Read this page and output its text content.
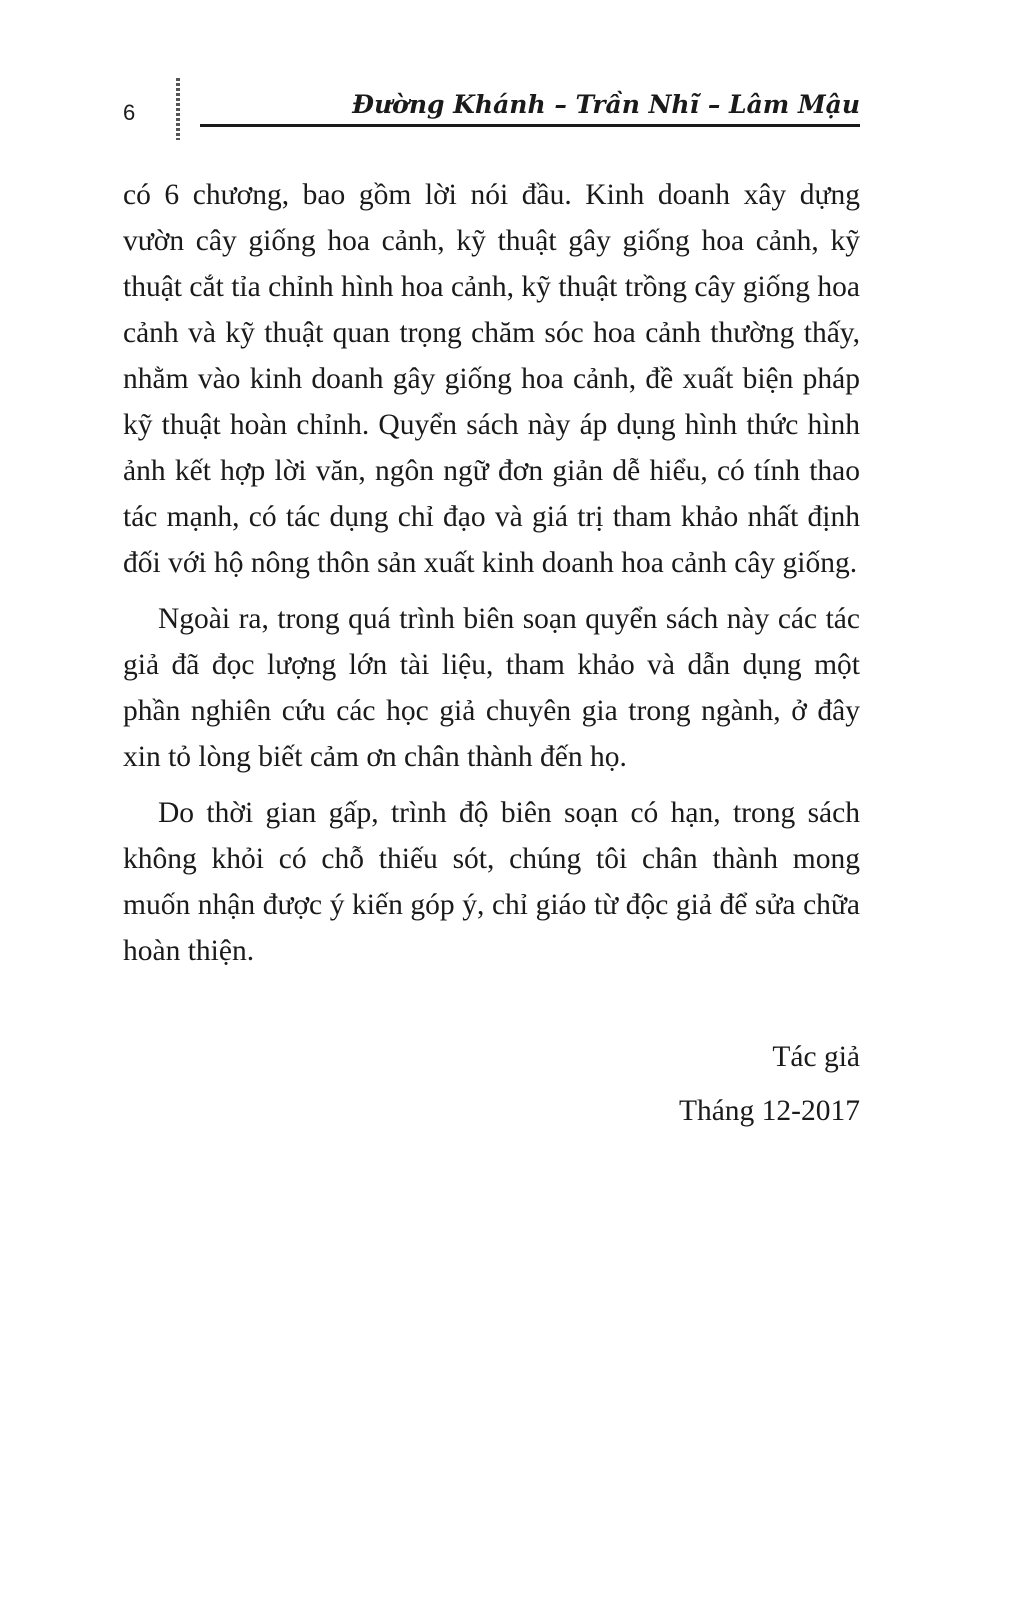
6	Đường Khánh – Trần Nhĩ – Lâm Mậu

có 6 chương, bao gồm lời nói đầu. Kinh doanh xây dựng vườn cây giống hoa cảnh, kỹ thuật gây giống hoa cảnh, kỹ thuật cắt tỉa chỉnh hình hoa cảnh, kỹ thuật trồng cây giống hoa cảnh và kỹ thuật quan trọng chăm sóc hoa cảnh thường thấy, nhằm vào kinh doanh gây giống hoa cảnh, đề xuất biện pháp kỹ thuật hoàn chỉnh. Quyển sách này áp dụng hình thức hình ảnh kết hợp lời văn, ngôn ngữ đơn giản dễ hiểu, có tính thao tác mạnh, có tác dụng chỉ đạo và giá trị tham khảo nhất định đối với hộ nông thôn sản xuất kinh doanh hoa cảnh cây giống.

Ngoài ra, trong quá trình biên soạn quyển sách này các tác giả đã đọc lượng lớn tài liệu, tham khảo và dẫn dụng một phần nghiên cứu các học giả chuyên gia trong ngành, ở đây xin tỏ lòng biết cảm ơn chân thành đến họ.

Do thời gian gấp, trình độ biên soạn có hạn, trong sách không khỏi có chỗ thiếu sót, chúng tôi chân thành mong muốn nhận được ý kiến góp ý, chỉ giáo từ độc giả để sửa chữa hoàn thiện.

Tác giả
Tháng 12-2017
